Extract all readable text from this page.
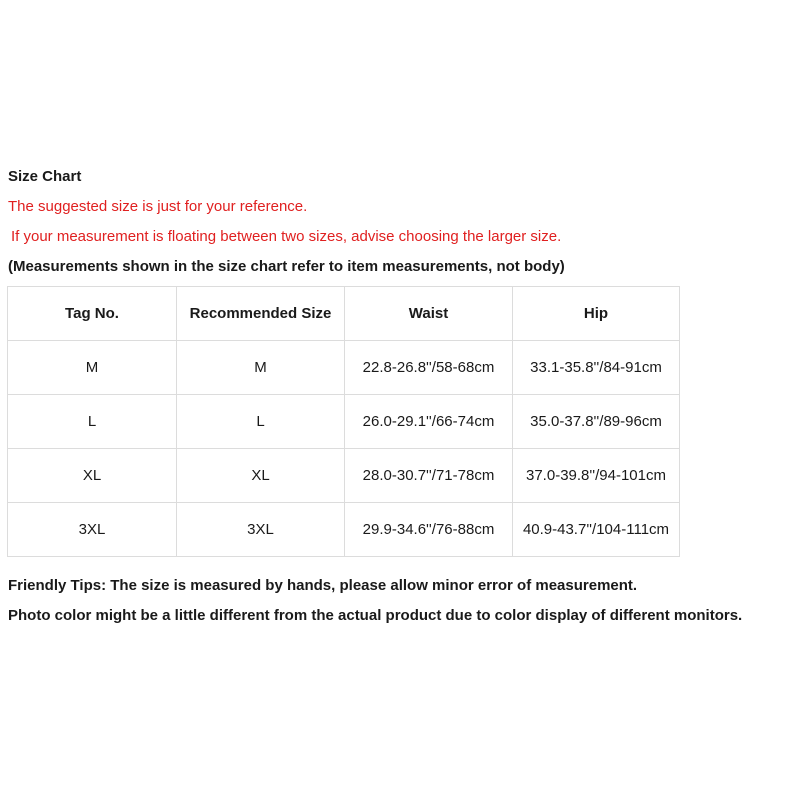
Size Chart
The suggested size is just for your reference.
If your measurement is floating between two sizes, advise choosing the larger size.
(Measurements shown in the size chart refer to item measurements, not body)
Tag No.	Recommended Size	Waist	Hip
M	M	22.8-26.8''/58-68cm	33.1-35.8''/84-91cm
L	L	26.0-29.1''/66-74cm	35.0-37.8''/89-96cm
XL	XL	28.0-30.7''/71-78cm	37.0-39.8''/94-101cm
3XL	3XL	29.9-34.6''/76-88cm	40.9-43.7''/104-111cm
Friendly Tips: The size is measured by hands, please allow minor error of measurement.
Photo color might be a little different from the actual product due to color display of different monitors.
